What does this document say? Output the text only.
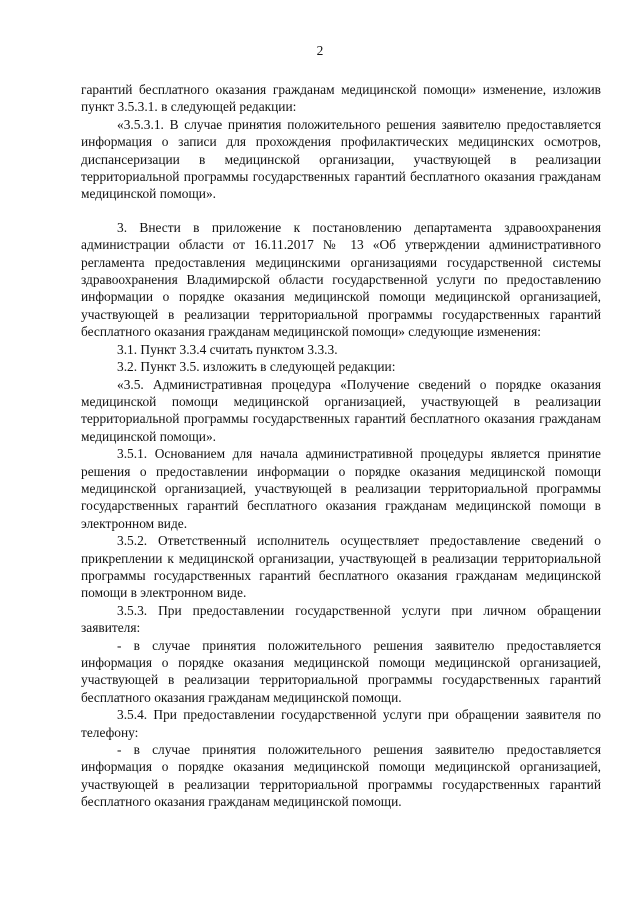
2

гарантий бесплатного оказания гражданам медицинской помощи» изменение, изложив пункт 3.5.3.1. в следующей редакции:

«3.5.3.1. В случае принятия положительного решения заявителю предоставляется информация о записи для прохождения профилактических медицинских осмотров, диспансеризации в медицинской организации, участвующей в реализации территориальной программы государственных гарантий бесплатного оказания гражданам медицинской помощи».

3. Внести в приложение к постановлению департамента здравоохранения администрации области от 16.11.2017 № 13 «Об утверждении административного регламента предоставления медицинскими организациями государственной системы здравоохранения Владимирской области государственной услуги по предоставлению информации о порядке оказания медицинской помощи медицинской организацией, участвующей в реализации территориальной программы государственных гарантий бесплатного оказания гражданам медицинской помощи» следующие изменения:

3.1. Пункт 3.3.4 считать пунктом 3.3.3.

3.2. Пункт 3.5. изложить в следующей редакции:

«3.5. Административная процедура «Получение сведений о порядке оказания медицинской помощи медицинской организацией, участвующей в реализации территориальной программы государственных гарантий бесплатного оказания гражданам медицинской помощи».

3.5.1. Основанием для начала административной процедуры является принятие решения о предоставлении информации о порядке оказания медицинской помощи медицинской организацией, участвующей в реализации территориальной программы государственных гарантий бесплатного оказания гражданам медицинской помощи в электронном виде.

3.5.2. Ответственный исполнитель осуществляет предоставление сведений о прикреплении к медицинской организации, участвующей в реализации территориальной программы государственных гарантий бесплатного оказания гражданам медицинской помощи в электронном виде.

3.5.3. При предоставлении государственной услуги при личном обращении заявителя:

- в случае принятия положительного решения заявителю предоставляется информация о порядке оказания медицинской помощи медицинской организацией, участвующей в реализации территориальной программы государственных гарантий бесплатного оказания гражданам медицинской помощи.

3.5.4. При предоставлении государственной услуги при обращении заявителя по телефону:

- в случае принятия положительного решения заявителю предоставляется информация о порядке оказания медицинской помощи медицинской организацией, участвующей в реализации территориальной программы государственных гарантий бесплатного оказания гражданам медицинской помощи.
